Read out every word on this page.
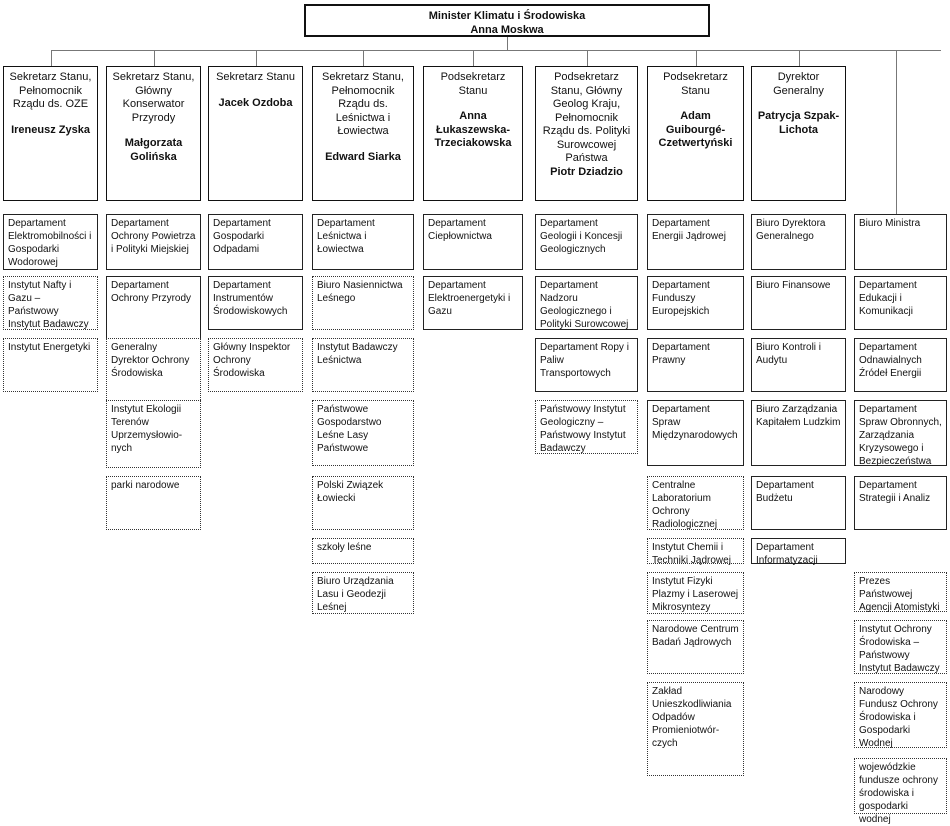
Minister Klimatu i Środowiska
Anna Moskwa
Sekretarz Stanu, Pełnomocnik Rządu ds. OZE
Ireneusz Zyska
Departament Elektromobilności i Gospodarki Wodorowej
Instytut Nafty i Gazu – Państwowy Instytut Badawczy
Instytut Energetyki
Sekretarz Stanu, Główny Konserwator Przyrody
Małgorzata Golińska
Departament Ochrony Powietrza i Polityki Miejskiej
Departament Ochrony Przyrody
Generalny Dyrektor Ochrony Środowiska
Instytut Ekologii Terenów Uprzemysłowio-nych
parki narodowe
Sekretarz Stanu
Jacek Ozdoba
Departament Gospodarki Odpadami
Departament Instrumentów Środowiskowych
Główny Inspektor Ochrony Środowiska
Sekretarz Stanu, Pełnomocnik Rządu ds. Leśnictwa i Łowiectwa
Edward Siarka
Departament Leśnictwa i Łowiectwa
Biuro Nasiennictwa Leśnego
Instytut Badawczy Leśnictwa
Państwowe Gospodarstwo Leśne Lasy Państwowe
Polski Związek Łowiecki
szkoły leśne
Biuro Urządzania Lasu i Geodezji Leśnej
Podsekretarz Stanu
Anna Łukaszewska-Trzeciakowska
Departament Ciepłownictwa
Departament Elektroenergetyki i Gazu
Podsekretarz Stanu, Główny Geolog Kraju, Pełnomocnik Rządu ds. Polityki Surowcowej Państwa
Piotr Dziadzio
Departament Geologii i Koncesji Geologicznych
Departament Nadzoru Geologicznego i Polityki Surowcowej
Departament Ropy i Paliw Transportowych
Państwowy Instytut Geologiczny – Państwowy Instytut Badawczy
Podsekretarz Stanu
Adam Guibourgé-Czetwertyński
Departament Energii Jądrowej
Departament Funduszy Europejskich
Departament Prawny
Departament Spraw Międzynarodowych
Centralne Laboratorium Ochrony Radiologicznej
Instytut Chemii i Techniki Jądrowej
Instytut Fizyki Plazmy i Laserowej Mikrosyntezy
Narodowe Centrum Badań Jądrowych
Zakład Unieszkodliwiania Odpadów Promieniotwór-czych
Dyrektor Generalny
Patrycja Szpak-Lichota
Biuro Dyrektora Generalnego
Biuro Finansowe
Biuro Kontroli i Audytu
Biuro Zarządzania Kapitałem Ludzkim
Departament Budżetu
Departament Informatyzacji
Biuro Ministra
Departament Edukacji i Komunikacji
Departament Odnawialnych Źródeł Energii
Departament Spraw Obronnych, Zarządzania Kryzysowego i Bezpieczeństwa
Departament Strategii i Analiz
Prezes Państwowej Agencji Atomistyki
Instytut Ochrony Środowiska – Państwowy Instytut Badawczy
Narodowy Fundusz Ochrony Środowiska i Gospodarki Wodnej
wojewódzkie fundusze ochrony środowiska i gospodarki wodnej
